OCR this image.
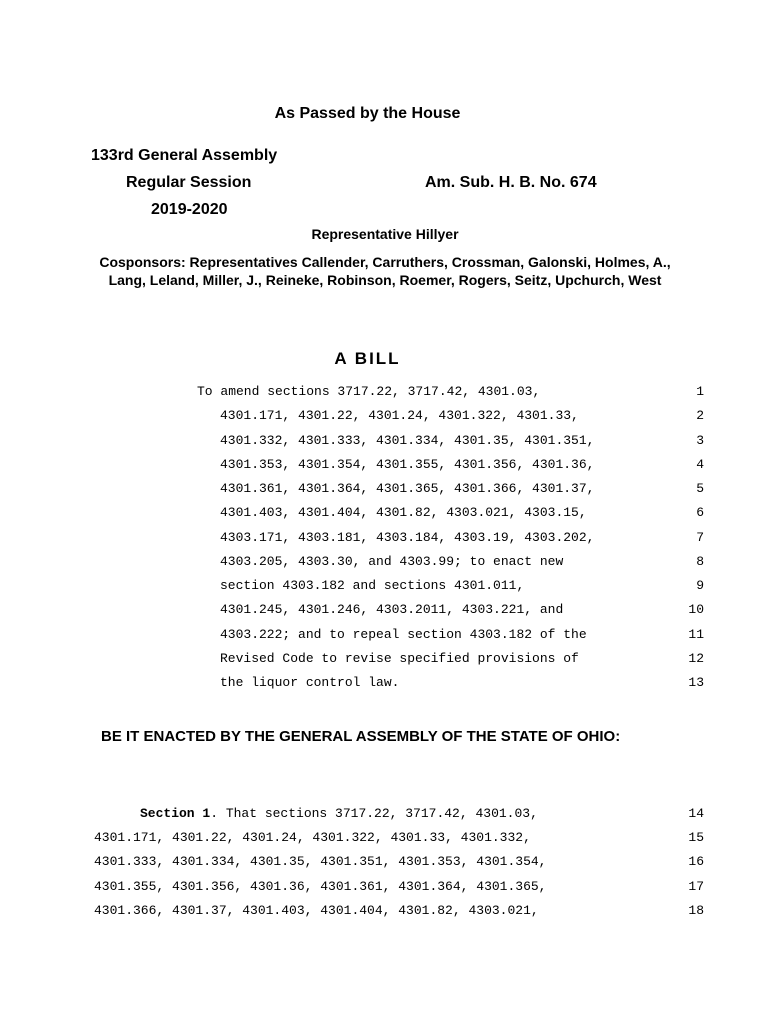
As Passed by the House
133rd General Assembly
Regular Session	Am. Sub. H. B. No. 674
2019-2020
Representative Hillyer
Cosponsors: Representatives Callender, Carruthers, Crossman, Galonski, Holmes, A., Lang, Leland, Miller, J., Reineke, Robinson, Roemer, Rogers, Seitz, Upchurch, West
A BILL
To amend sections 3717.22, 3717.42, 4301.03,	1
4301.171, 4301.22, 4301.24, 4301.322, 4301.33,	2
4301.332, 4301.333, 4301.334, 4301.35, 4301.351,	3
4301.353, 4301.354, 4301.355, 4301.356, 4301.36,	4
4301.361, 4301.364, 4301.365, 4301.366, 4301.37,	5
4301.403, 4301.404, 4301.82, 4303.021, 4303.15,	6
4303.171, 4303.181, 4303.184, 4303.19, 4303.202,	7
4303.205, 4303.30, and 4303.99; to enact new	8
section 4303.182 and sections 4301.011,	9
4301.245, 4301.246, 4303.2011, 4303.221, and	10
4303.222; and to repeal section 4303.182 of the	11
Revised Code to revise specified provisions of	12
the liquor control law.	13
BE IT ENACTED BY THE GENERAL ASSEMBLY OF THE STATE OF OHIO:
Section 1. That sections 3717.22, 3717.42, 4301.03,	14
4301.171, 4301.22, 4301.24, 4301.322, 4301.33, 4301.332,	15
4301.333, 4301.334, 4301.35, 4301.351, 4301.353, 4301.354,	16
4301.355, 4301.356, 4301.36, 4301.361, 4301.364, 4301.365,	17
4301.366, 4301.37, 4301.403, 4301.404, 4301.82, 4303.021,	18
